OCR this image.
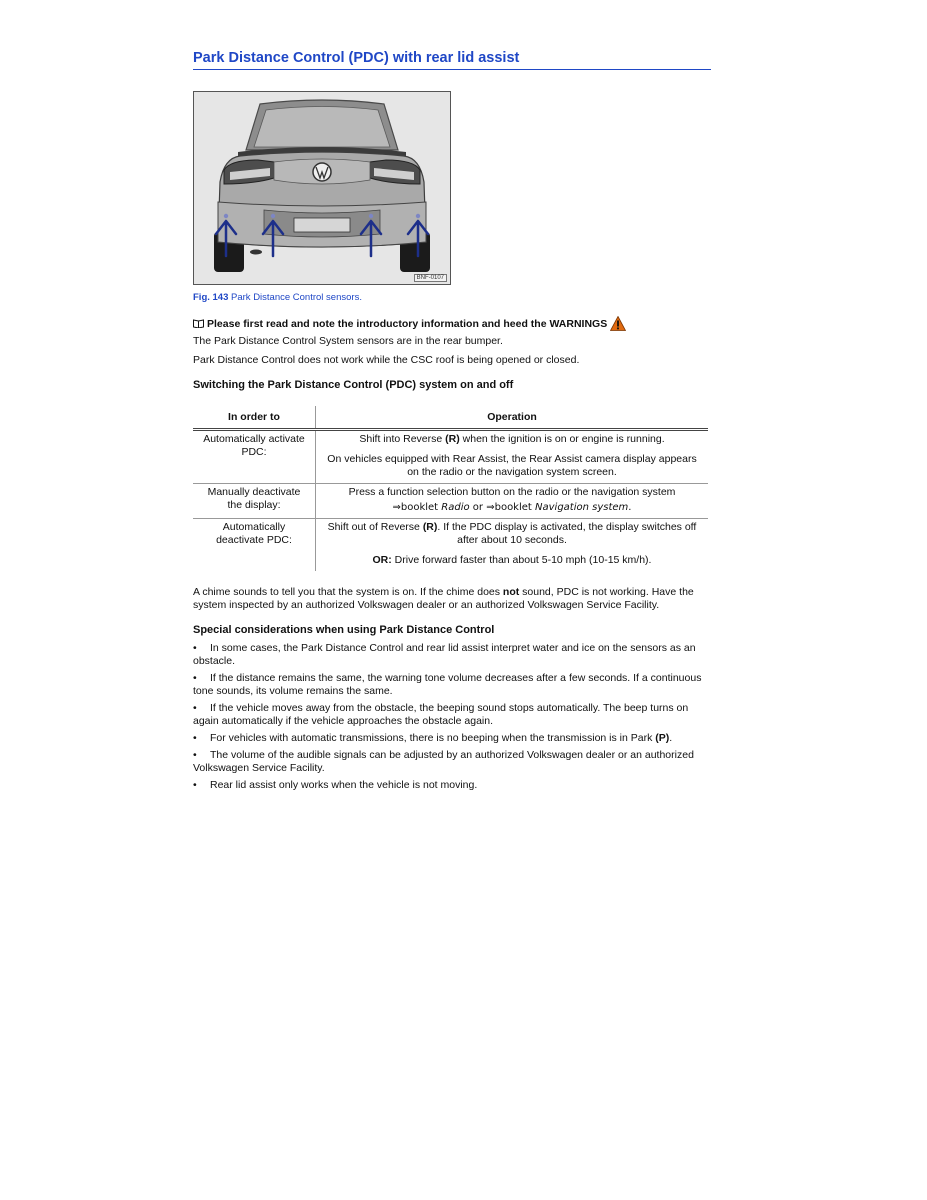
Park Distance Control (PDC) with rear lid assist
BNF-0107
Fig. 143 Park Distance Control sensors.
Please first read and note the introductory information and heed the WARNINGS

The Park Distance Control System sensors are in the rear bumper.

Park Distance Control does not work while the CSC roof is being opened or closed.

Switching the Park Distance Control (PDC) system on and off
In order to	Operation
Automatically activate PDC:	Shift into Reverse (R) when the ignition is on or engine is running.

On vehicles equipped with Rear Assist, the Rear Assist camera display appears on the radio or the navigation system screen.

Manually deactivate the display:	Press a function selection button on the radio or the navigation system

⇒booklet Radio or ⇒booklet Navigation system.

Automatically deactivate PDC:	Shift out of Reverse (R). If the PDC display is activated, the display switches off after about 10 seconds.

OR: Drive forward faster than about 5-10 mph (10-15 km/h).

A chime sounds to tell you that the system is on. If the chime does not sound, PDC is not working. Have the system inspected by an authorized Volkswagen dealer or an authorized Volkswagen Service Facility.

Special considerations when using Park Distance Control
• In some cases, the Park Distance Control and rear lid assist interpret water and ice on the sensors as an obstacle.
• If the distance remains the same, the warning tone volume decreases after a few seconds. If a continuous tone sounds, its volume remains the same.
• If the vehicle moves away from the obstacle, the beeping sound stops automatically. The beep turns on again automatically if the vehicle approaches the obstacle again.
• For vehicles with automatic transmissions, there is no beeping when the transmission is in Park (P).
• The volume of the audible signals can be adjusted by an authorized Volkswagen dealer or an authorized Volkswagen Service Facility.
• Rear lid assist only works when the vehicle is not moving.
